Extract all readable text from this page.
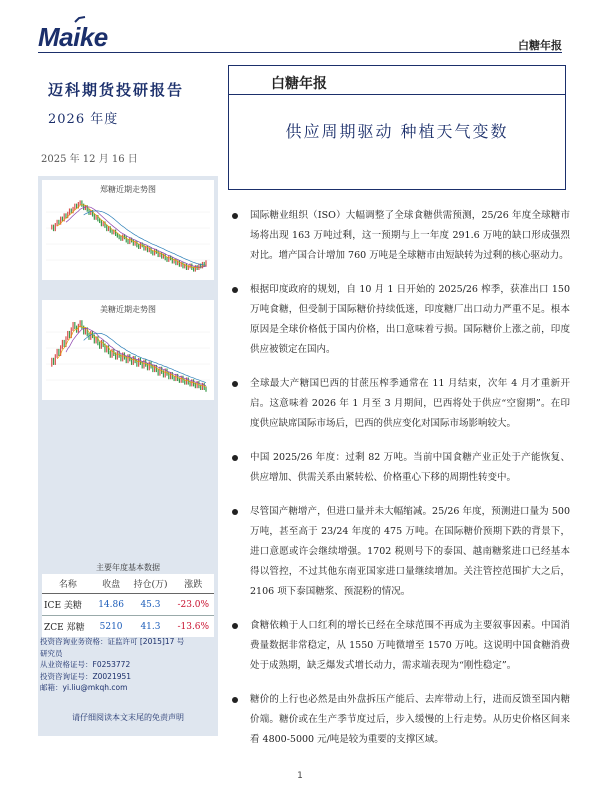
Maike	白糖年报
迈科期货投研报告
2026 年度
2025 年 12 月 16 日
白糖年报
供应周期驱动 种植天气变数
郑糖近期走势图
美糖近期走势图
主要年度基本数据
名称	收盘	持仓(万)	涨跌
ICE 美糖	14.86	45.3	-23.0%
ZCE 郑糖	5210	41.3	-13.6%
投资咨询业务资格：证监许可 [2015]17 号
研究员
从业资格证号：F0253772
投资咨询证号：Z0021951
邮箱：yi.liu@mkqh.com
请仔细阅读本文末尾的免责声明
国际糖业组织（ISO）大幅调整了全球食糖供需预测，25/26 年度全球糖市场将出现 163 万吨过剩，这一预期与上一年度 291.6 万吨的缺口形成强烈对比。增产国合计增加 760 万吨是全球糖市由短缺转为过剩的核心驱动力。
根据印度政府的规划，自 10 月 1 日开始的 2025/26 榨季，获准出口 150 万吨食糖，但受制于国际糖价持续低迷，印度糖厂出口动力严重不足。根本原因是全球价格低于国内价格，出口意味着亏损。国际糖价上涨之前，印度供应被锁定在国内。
全球最大产糖国巴西的甘蔗压榨季通常在 11 月结束，次年 4 月才重新开启。这意味着 2026 年 1 月至 3 月期间，巴西将处于供应“空窗期”。在印度供应缺席国际市场后，巴西的供应变化对国际市场影响较大。
中国 2025/26 年度：过剩 82 万吨。当前中国食糖产业正处于产能恢复、供应增加、供需关系由紧转松、价格重心下移的周期性转变中。
尽管国产糖增产，但进口量并未大幅缩减。25/26 年度，预测进口量为 500 万吨，甚至高于 23/24 年度的 475 万吨。在国际糖价预期下跌的背景下，进口意愿或许会继续增强。1702 税则号下的泰国、越南糖浆进口已经基本得以管控，不过其他东南亚国家进口量继续增加。关注管控范围扩大之后，2106 项下泰国糖浆、预混粉的情况。
食糖依赖于人口红利的增长已经在全球范围不再成为主要叙事因素。中国消费量数据非常稳定，从 1550 万吨微增至 1570 万吨。这说明中国食糖消费处于成熟期，缺乏爆发式增长动力，需求端表现为“刚性稳定”。
糖价的上行也必然是由外盘拆压产能后、去库带动上行，进而反馈至国内糖价端。糖价或在生产季节度过后，步入缓慢的上行走势。从历史价格区间来看 4800-5000 元/吨是较为重要的支撑区域。
1
